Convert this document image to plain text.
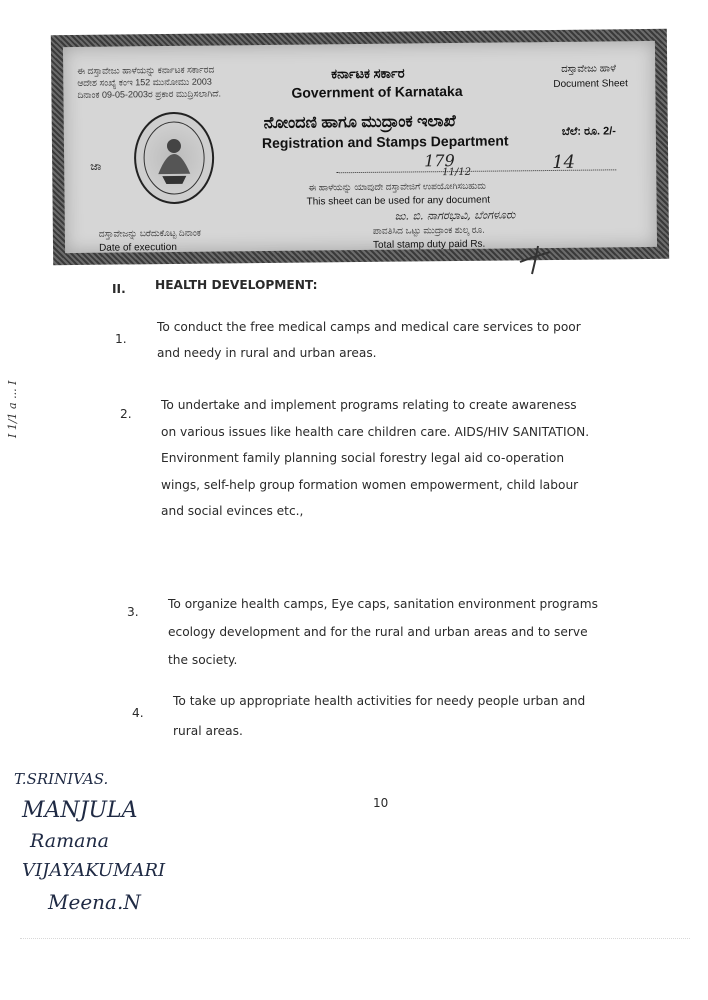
ಈ ದಸ್ತಾವೇಜು ಹಾಳೆಯನ್ನು ಕರ್ನಾಟಕ ಸರ್ಕಾರದ
ಆದೇಶ ಸಂಖ್ಯೆ ಕಂಇ 152 ಮುನೋಮು 2003
ದಿನಾಂಕ 09-05-2003ರ ಪ್ರಕಾರ ಮುದ್ರಿಸಲಾಗಿದೆ.
ಕರ್ನಾಟಕ ಸರ್ಕಾರ
Government of Karnataka
ದಸ್ತಾವೇಜು ಹಾಳೆ
Document Sheet
ಜಾ
ನೋಂದಣಿ ಹಾಗೂ ಮುದ್ರಾಂಕ ಇಲಾಖೆ
Registration and Stamps Department
ಬೆಲೆ: ರೂ. 2/-
179
11/12	14
ಈ ಹಾಳೆಯನ್ನು ಯಾವುದೇ ದಸ್ತಾವೇಜಿಗೆ ಉಪಯೋಗಿಸಬಹುದು
This sheet can be used for any document
ದಸ್ತಾವೇಜನ್ನು ಬರೆದುಕೊಟ್ಟ ದಿನಾಂಕ
Date of execution
ಜು. ಬಿ. ನಾಗರಭಾವಿ, ಬೆಂಗಳೂರು
ಪಾವತಿಸಿದ ಒಟ್ಟು ಮುದ್ರಾಂಕ ಶುಲ್ಕ ರೂ.
Total stamp duty paid Rs.
II. HEALTH DEVELOPMENT:
1.
To conduct the free medical camps and medical care services to poor
and needy in rural and urban areas.
2.
To undertake and implement programs relating to create awareness
on various issues like health care children care. AIDS/HIV SANITATION.
Environment family planning social forestry legal aid co-operation
wings, self-help group formation women empowerment, child labour
and social evinces etc.,
3.
To organize health camps, Eye caps, sanitation environment programs
ecology development and for the rural and urban areas and to serve
the society.
4.
To take up appropriate health activities for needy people urban and
rural areas.
I 1/1 a ... I
10
T.SRINIVAS.
MANJULA
Ramana
VIJAYAKUMARI
Meena.N
